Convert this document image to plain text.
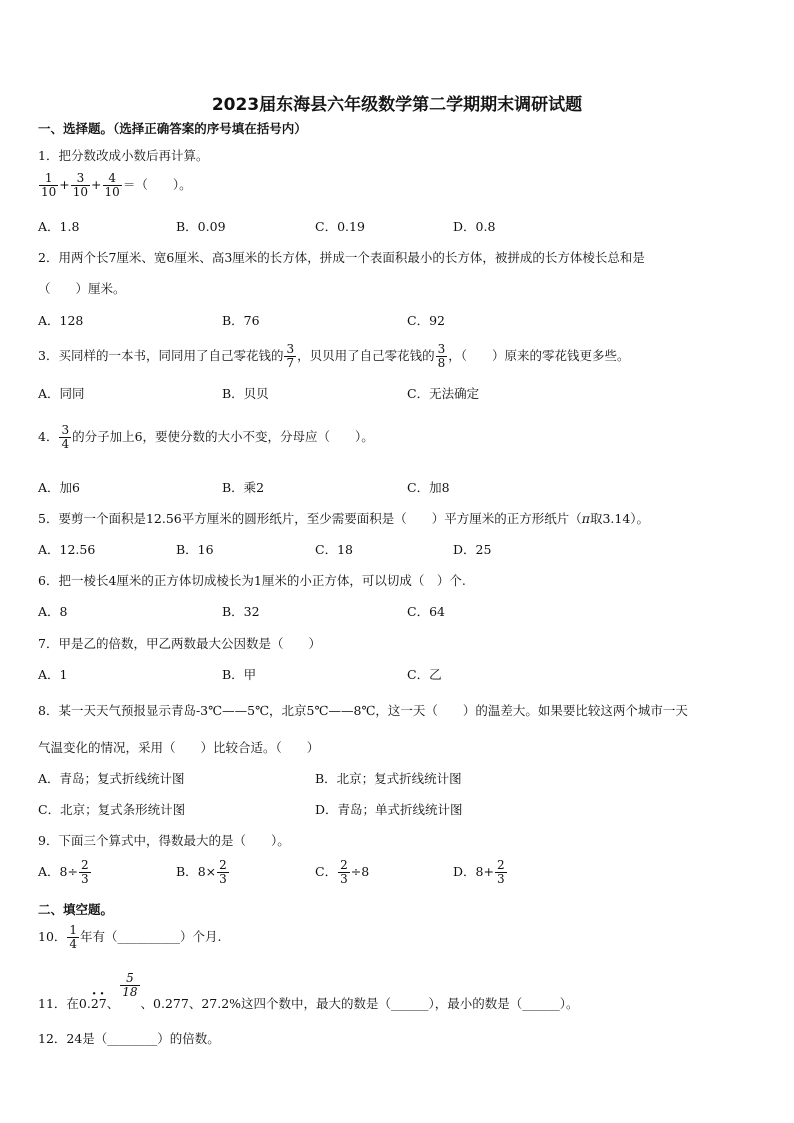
2023届东海县六年级数学第二学期期末调研试题
一、选择题。（选择正确答案的序号填在括号内）
1．把分数改成小数后再计算。
$\frac{1}{10} + \frac{3}{10} + \frac{4}{10}$ ＝（　　）。
A．1.8	B．0.09	C．0.19	D．0.8
2．用两个长7厘米、宽6厘米、高3厘米的长方体，拼成一个表面积最小的长方体，被拼成的长方体棱长总和是
（　　）厘米。
A．128	B．76	C．92
3．买同样的一本书，同同用了自己零花钱的 $\frac{3}{7}$ ，贝贝用了自己零花钱的 $\frac{3}{8}$ ，（　　）原来的零花钱更多些。
A．同同	B．贝贝	C．无法确定
4． $\frac{3}{4}$ 的分子加上6，要使分数的大小不变，分母应（　　）。
A．加6	B．乘2	C．加8
5．要剪一个面积是12.56平方厘米的圆形纸片，至少需要面积是（　　）平方厘米的正方形纸片（π取3.14）。
A．12.56	B．16	C．18	D．25
6．把一棱长4厘米的正方体切成棱长为1厘米的小正方体，可以切成（　）个.
A．8	B．32	C．64
7．甲是乙的倍数，甲乙两数最大公因数是（　　）
A．1	B．甲	C．乙
8．某一天天气预报显示青岛-3℃——5℃，北京5℃——8℃，这一天（　　）的温差大。如果要比较这两个城市一天
气温变化的情况，采用（　　）比较合适。（　　）
A．青岛；复式折线统计图	B．北京；复式折线统计图
C．北京；复式条形统计图	D．青岛；单式折线统计图
9．下面三个算式中，得数最大的是（　　）。
A．$8\div \frac{2}{3}$	B．$8\times \frac{2}{3}$	C． $\frac{2}{3} \div 8$	D．$8+ \frac{2}{3}$
二、填空题。
10． $\frac{1}{4}$ 年有（__________）个月.
11．在0.· 2· 7、
$\frac{5}{18}$
、0.277、27.2%这四个数中，最大的数是（______），最小的数是（______）。
12．24是（________）的倍数。
